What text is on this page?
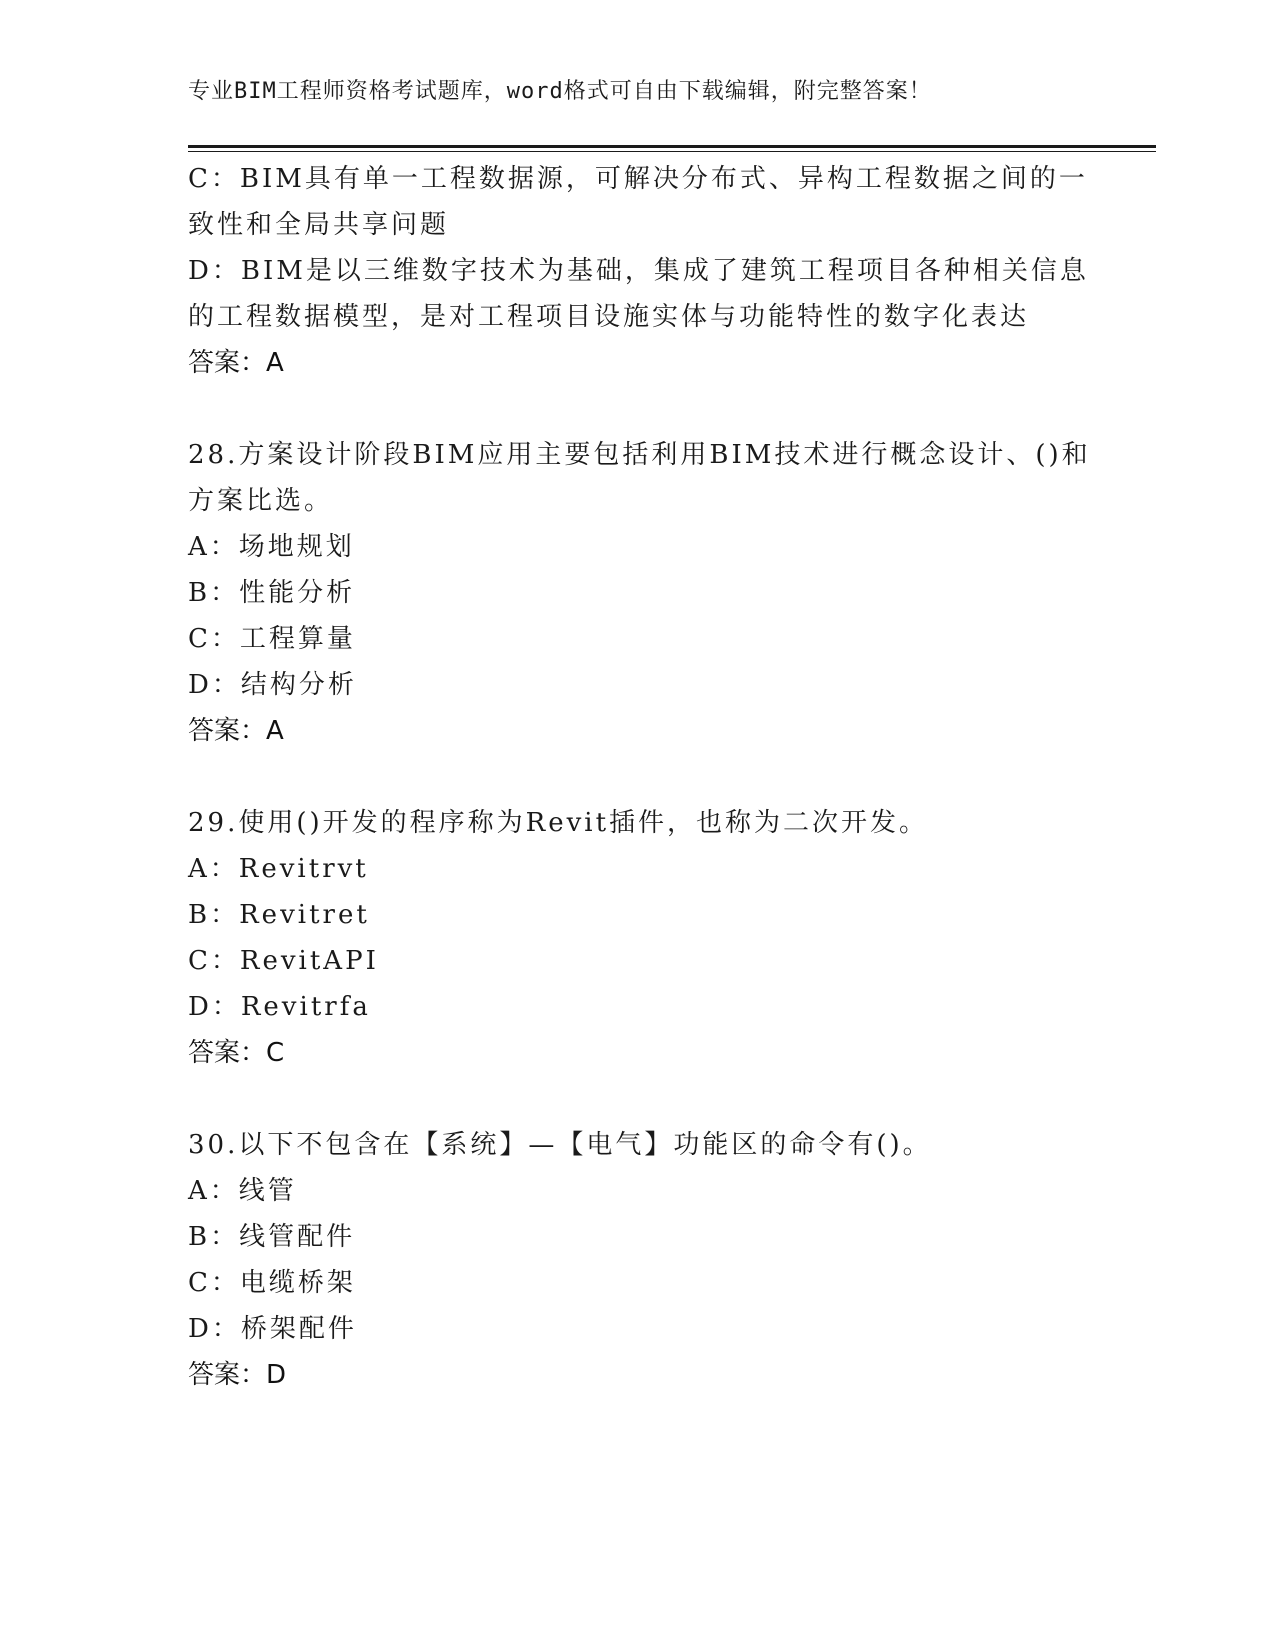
专业BIM工程师资格考试题库，word格式可自由下载编辑，附完整答案！
C：BIM具有单一工程数据源，可解决分布式、异构工程数据之间的一
致性和全局共享问题
D：BIM是以三维数字技术为基础，集成了建筑工程项目各种相关信息
的工程数据模型，是对工程项目设施实体与功能特性的数字化表达
答案：A
28.方案设计阶段BIM应用主要包括利用BIM技术进行概念设计、()和
方案比选。
A：场地规划
B：性能分析
C：工程算量
D：结构分析
答案：A
29.使用()开发的程序称为Revit插件，也称为二次开发。
A：Revitrvt
B：Revitret
C：RevitAPI
D：Revitrfa
答案：C
30.以下不包含在【系统】—【电气】功能区的命令有()。
A：线管
B：线管配件
C：电缆桥架
D：桥架配件
答案：D
